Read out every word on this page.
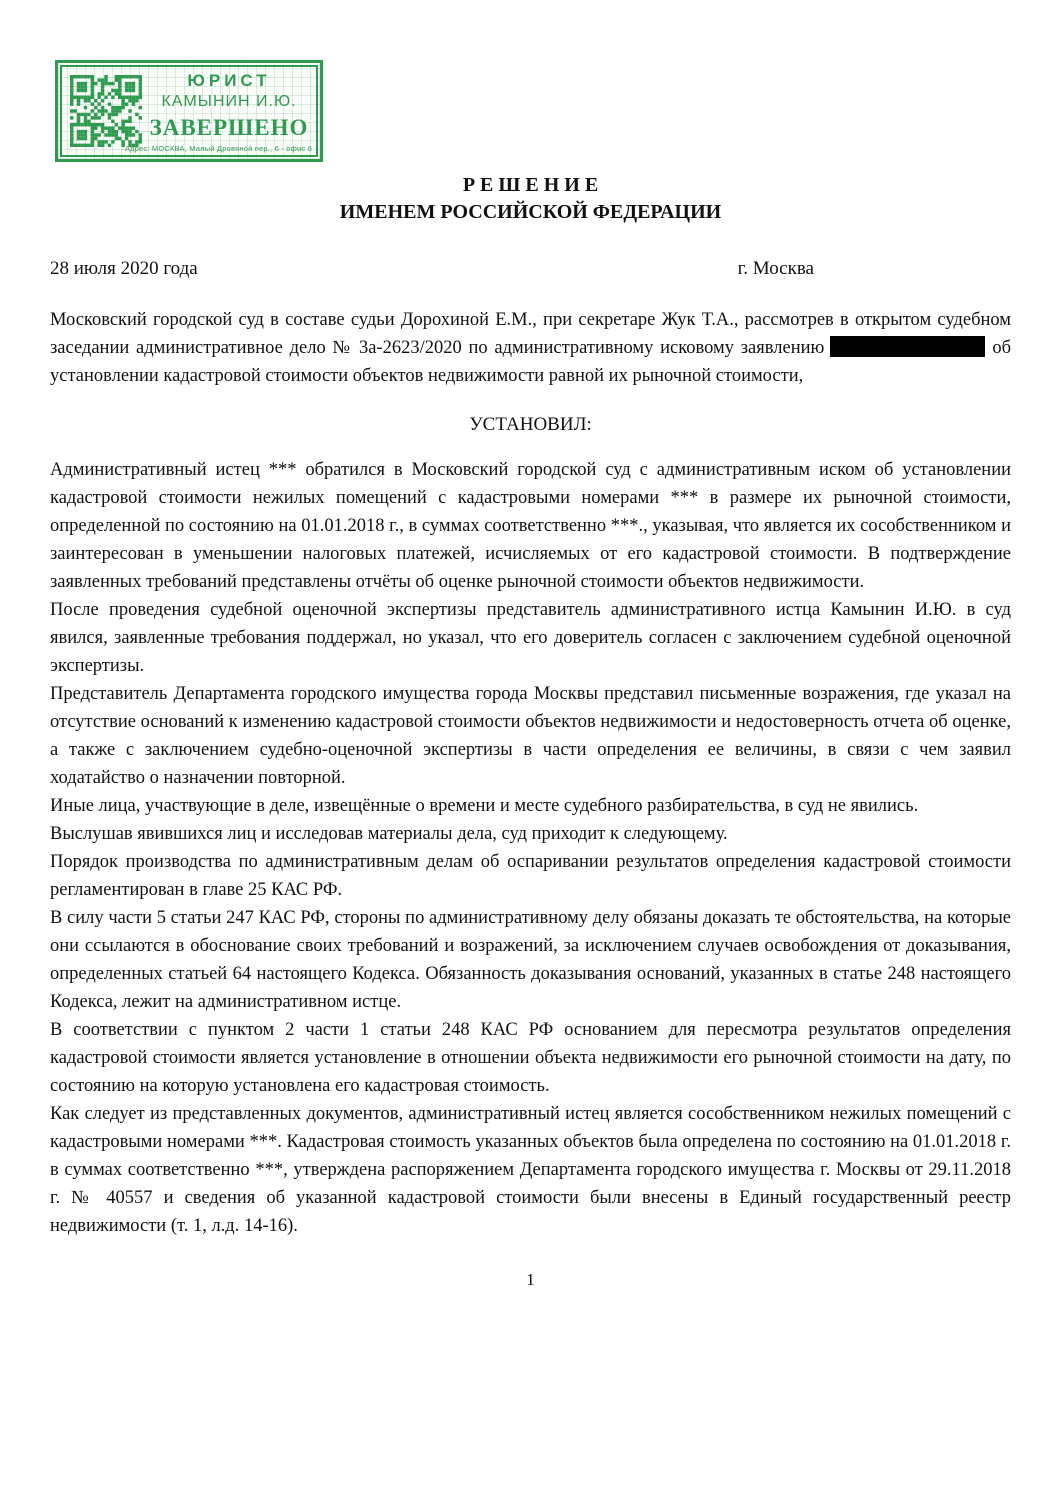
ЮРИСТ
КАМЫНИН И.Ю.
ЗАВЕРШЕНО
Адрес: МОСКВА, Малый Дровяной пер., 6 - офис 6
Р Е Ш Е Н И Е
ИМЕНЕМ РОССИЙСКОЙ ФЕДЕРАЦИИ
28 июля 2020 года	г. Москва

Московский городской суд в составе судьи Дорохиной Е.М., при секретаре Жук Т.А., рассмотрев в открытом судебном заседании административное дело № 3а-2623/2020 по административному исковому заявлению	об установлении кадастровой стоимости объектов недвижимости равной их рыночной стоимости,

УСТАНОВИЛ:

Административный истец *** обратился в Московский городской суд с административным иском об установлении кадастровой стоимости нежилых помещений с кадастровыми номерами *** в размере их рыночной стоимости, определенной по состоянию на 01.01.2018 г., в суммах соответственно ***., указывая, что является их сособственником и заинтересован в уменьшении налоговых платежей, исчисляемых от его кадастровой стоимости. В подтверждение заявленных требований представлены отчёты об оценке рыночной стоимости объектов недвижимости.

После проведения судебной оценочной экспертизы представитель административного истца Камынин И.Ю. в суд явился, заявленные требования поддержал, но указал, что его доверитель согласен с заключением судебной оценочной экспертизы.

Представитель Департамента городского имущества города Москвы представил письменные возражения, где указал на отсутствие оснований к изменению кадастровой стоимости объектов недвижимости и недостоверность отчета об оценке, а также с заключением судебно-оценочной экспертизы в части определения ее величины, в связи с чем заявил ходатайство о назначении повторной.

Иные лица, участвующие в деле, извещённые о времени и месте судебного разбирательства, в суд не явились.

Выслушав явившихся лиц и исследовав материалы дела, суд приходит к следующему.

Порядок производства по административным делам об оспаривании результатов определения кадастровой стоимости регламентирован в главе 25 КАС РФ.

В силу части 5 статьи 247 КАС РФ, стороны по административному делу обязаны доказать те обстоятельства, на которые они ссылаются в обоснование своих требований и возражений, за исключением случаев освобождения от доказывания, определенных статьей 64 настоящего Кодекса. Обязанность доказывания оснований, указанных в статье 248 настоящего Кодекса, лежит на административном истце.

В соответствии с пунктом 2 части 1 статьи 248 КАС РФ основанием для пересмотра результатов определения кадастровой стоимости является установление в отношении объекта недвижимости его рыночной стоимости на дату, по состоянию на которую установлена его кадастровая стоимость.

Как следует из представленных документов, административный истец является сособственником нежилых помещений с кадастровыми номерами ***. Кадастровая стоимость указанных объектов была определена по состоянию на 01.01.2018 г. в суммах соответственно ***, утверждена распоряжением Департамента городского имущества г. Москвы от 29.11.2018 г. № 40557 и сведения об указанной кадастровой стоимости были внесены в Единый государственный реестр недвижимости (т. 1, л.д. 14-16).

1
